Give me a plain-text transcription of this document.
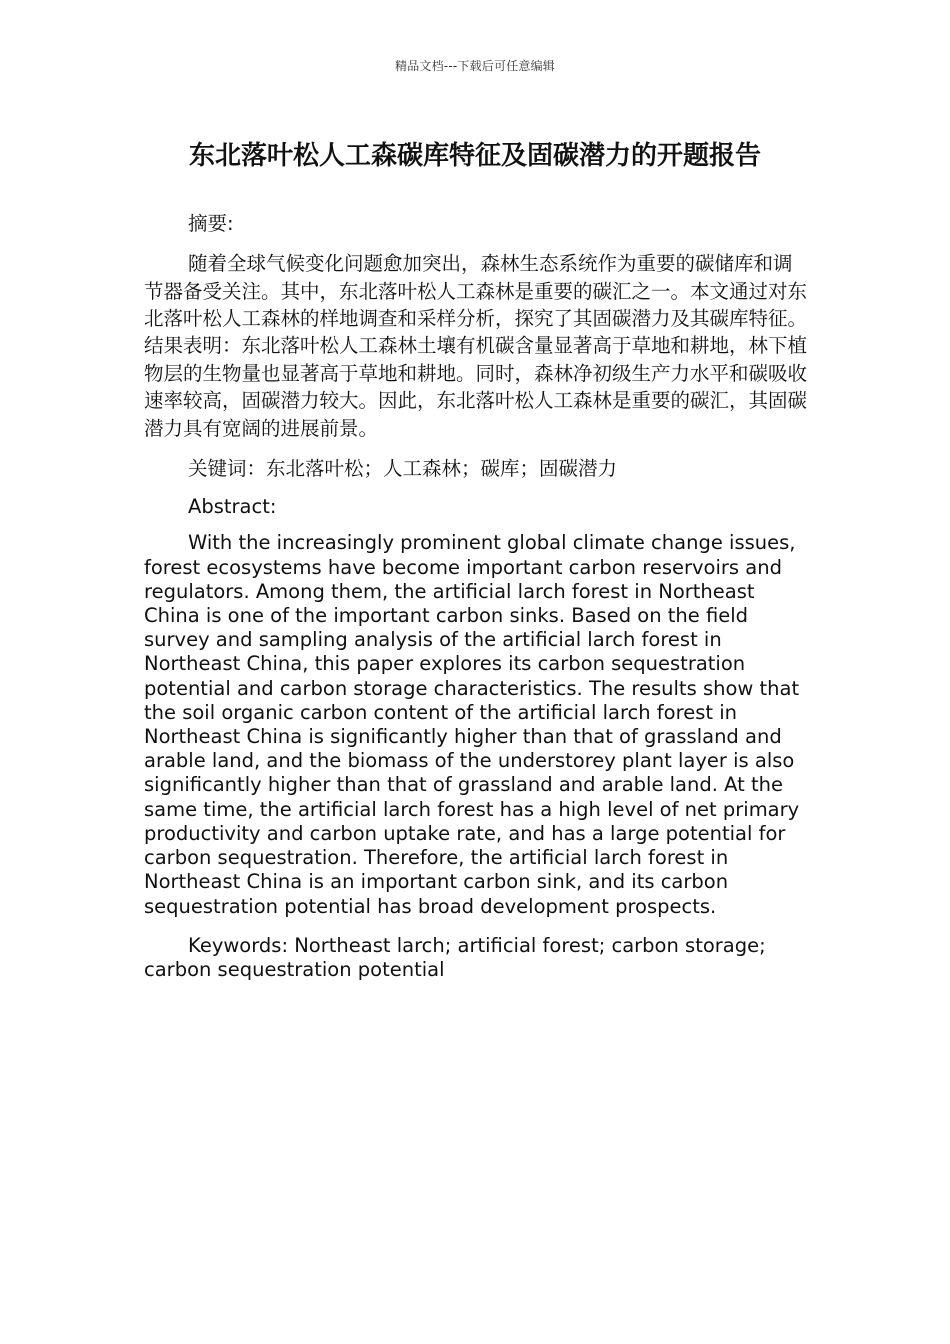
精品文档---下载后可任意编辑
东北落叶松人工森碳库特征及固碳潜力的开题报告

摘要:

随着全球气候变化问题愈加突出，森林生态系统作为重要的碳储库和调节器备受关注。其中，东北落叶松人工森林是重要的碳汇之一。本文通过对东北落叶松人工森林的样地调查和采样分析，探究了其固碳潜力及其碳库特征。结果表明：东北落叶松人工森林土壤有机碳含量显著高于草地和耕地，林下植物层的生物量也显著高于草地和耕地。同时，森林净初级生产力水平和碳吸收速率较高，固碳潜力较大。因此，东北落叶松人工森林是重要的碳汇，其固碳潜力具有宽阔的进展前景。

关键词：东北落叶松；人工森林；碳库；固碳潜力

Abstract:

With the increasingly prominent global climate change issues, forest ecosystems have become important carbon reservoirs and regulators. Among them, the artificial larch forest in Northeast China is one of the important carbon sinks. Based on the field survey and sampling analysis of the artificial larch forest in Northeast China, this paper explores its carbon sequestration potential and carbon storage characteristics. The results show that the soil organic carbon content of the artificial larch forest in Northeast China is significantly higher than that of grassland and arable land, and the biomass of the understorey plant layer is also significantly higher than that of grassland and arable land. At the same time, the artificial larch forest has a high level of net primary productivity and carbon uptake rate, and has a large potential for carbon sequestration. Therefore, the artificial larch forest in Northeast China is an important carbon sink, and its carbon sequestration potential has broad development prospects.

Keywords: Northeast larch; artificial forest; carbon storage; carbon sequestration potential
